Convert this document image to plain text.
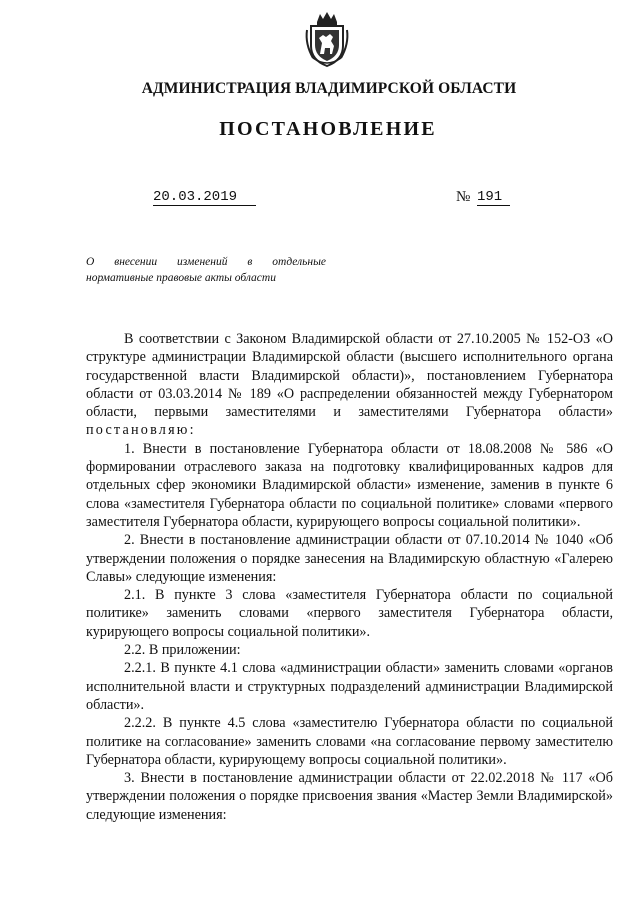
АДМИНИСТРАЦИЯ ВЛАДИМИРСКОЙ ОБЛАСТИ
ПОСТАНОВЛЕНИЕ
20.03.2019	№ 191
О внесении изменений в отдельные
нормативные правовые акты области

В соответствии с Законом Владимирской области от 27.10.2005 № 152-ОЗ «О структуре администрации Владимирской области (высшего исполнительного органа государственной власти Владимирской области)», постановлением Губернатора области от 03.03.2014 № 189 «О распределении обязанностей между Губернатором области, первыми заместителями и заместителями Губернатора области» постановляю:

1. Внести в постановление Губернатора области от 18.08.2008 № 586 «О формировании отраслевого заказа на подготовку квалифицированных кадров для отдельных сфер экономики Владимирской области» изменение, заменив в пункте 6 слова «заместителя Губернатора области по социальной политике» словами «первого заместителя Губернатора области, курирующего вопросы социальной политики».

2. Внести в постановление администрации области от 07.10.2014 № 1040 «Об утверждении положения о порядке занесения на Владимирскую областную «Галерею Славы» следующие изменения:

2.1. В пункте 3 слова «заместителя Губернатора области по социальной политике» заменить словами «первого заместителя Губернатора области, курирующего вопросы социальной политики».

2.2. В приложении:

2.2.1. В пункте 4.1 слова «администрации области» заменить словами «органов исполнительной власти и структурных подразделений администрации Владимирской области».

2.2.2. В пункте 4.5 слова «заместителю Губернатора области по социальной политике на согласование» заменить словами «на согласование первому заместителю Губернатора области, курирующему вопросы социальной политики».

3. Внести в постановление администрации области от 22.02.2018 № 117 «Об утверждении положения о порядке присвоения звания «Мастер Земли Владимирской» следующие изменения:
